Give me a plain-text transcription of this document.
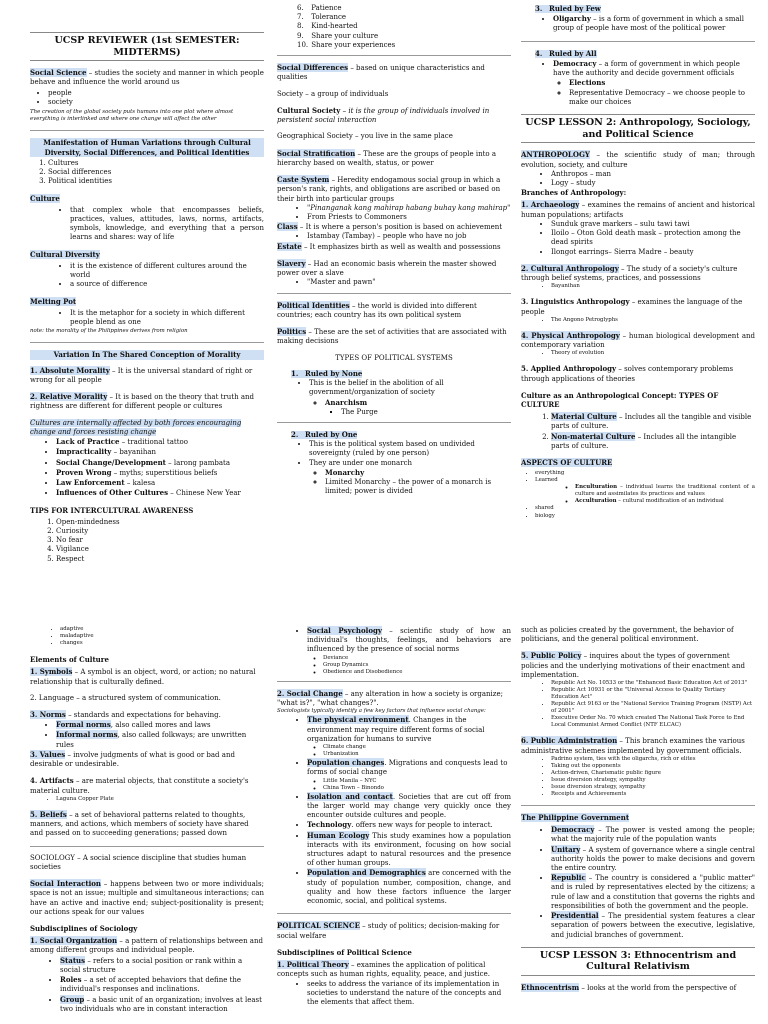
UCSP REVIEWER (1st SEMESTER: MIDTERMS)

Social Science – studies the society and manner in which people behave and influence the world around us

• people
• society

The creation of the global society puts humans into one plot where almost everything is interlinked and where one change will affect the other

Manifestation of Human Variations through Cultural Diversity, Social Differences, and Political Identities
1. Cultures
2. Social differences
3. Political identities
Culture
• that complex whole that encompasses beliefs, practices, values, attitudes, laws, norms, artifacts, symbols, knowledge, and everything that a person learns and shares: way of life
Cultural Diversity
• it is the existence of different cultures around the world
• a source of difference
Melting Pot
• It is the metaphor for a society in which different people blend as one

note: the morality of the Philippines derives from religion

Variation In The Shared Conception of Morality

1. Absolute Morality – It is the universal standard of right or wrong for all people

2. Relative Morality – It is based on the theory that truth and rightness are different for different people or cultures

Cultures are internally affected by both forces encouraging change and forces resisting change

• Lack of Practice – traditional tattoo
• Impracticality – bayanihan
• Social Change/Development – larong pambata
• Proven Wrong – myths; superstitious beliefs
• Law Enforcement – kalesa
• Influences of Other Cultures – Chinese New Year
TIPS FOR INTERCULTURAL AWARENESS
1. Open-mindedness
2. Curiosity
3. No fear
4. Vigilance
5. Respect
6. Patience
7. Tolerance
8. Kind-hearted
9. Share your culture
10. Share your experiences

Social Differences – based on unique characteristics and qualities

Society – a group of individuals

Cultural Society – it is the group of individuals involved in persistent social interaction

Geographical Society – you live in the same place

Social Stratification – These are the groups of people into a hierarchy based on wealth, status, or power

Caste System – Heredity endogamous social group in which a person's rank, rights, and obligations are ascribed or based on their birth into particular groups

• "Pinanganak kang mahirap habang buhay kang mahirap"
• From Priests to Commoners
Class – It is where a person's position is based on achievement
• Istambay (Tambay) – people who have no job

Estate – It emphasizes birth as well as wealth and possessions

Slavery – Had an economic basis wherein the master showed power over a slave

• "Master and pawn"

Political Identities – the world is divided into different countries; each country has its own political system

Politics – These are the set of activities that are associated with making decisions

TYPES OF POLITICAL SYSTEMS
1. Ruled by None
• This is the belief in the abolition of all government/organization of society
◦ Anarchism
▪ The Purge
2. Ruled by One
• This is the political system based on undivided sovereignty (ruled by one person)
• They are under one monarch
◦ Monarchy
◦ Limited Monarchy – the power of a monarch is limited; power is divided
3. Ruled by Few
• Oligarchy – is a form of government in which a small group of people have most of the political power
4. Ruled by All
• Democracy – a form of government in which people have the authority and decide government officials
◦ Elections
◦ Representative Democracy – we choose people to make our choices
UCSP LESSON 2: Anthropology, Sociology, and Political Science

ANTHROPOLOGY – the scientific study of man; through evolution, society, and culture

• Anthropos – man
• Logy – study
Branches of Anthropology:

1. Archaeology – examines the remains of ancient and historical human populations; artifacts

• Sunduk grave markers – sulu tawi tawi
• Iloilo – Oton Gold death mask – protection among the dead spirits
• Ilongot earrings– Sierra Madre – beauty

2. Cultural Anthropology – The study of a society's culture through belief systems, practices, and possessions

• Bayanihan

3. Linguistics Anthropology – examines the language of the people

• The Angono Petroglyphs

4. Physical Anthropology – human biological development and contemporary variation

• Theory of evolution

5. Applied Anthropology – solves contemporary problems through applications of theories

Culture as an Anthropological Concept: TYPES OF CULTURE
1. Material Culture – Includes all the tangible and visible parts of culture.
2. Non-material Culture – Includes all the intangible parts of culture.
ASPECTS OF CULTURE
• everything
• Learned
◦ Enculturation – individual learns the traditional content of a culture and assimilates its practices and values
◦ Acculturation – cultural modification of an individual
• shared
• biology
• adaptive
• maladaptive
• changes
Elements of Culture

1. Symbols – A symbol is an object, word, or action; no natural relationship that is culturally defined.

2. Language – a structured system of communication.

3. Norms – standards and expectations for behaving.

• Formal norms, also called mores and laws
• Informal norms, also called folkways; are unwritten rules

3. Values – involve judgments of what is good or bad and desirable or undesirable.

4. Artifacts – are material objects, that constitute a society's material culture.

• Laguna Copper Plate

5. Beliefs – a set of behavioral patterns related to thoughts, manners, and actions, which members of society have shared and passed on to succeeding generations; passed down

SOCIOLOGY – A social science discipline that studies human societies

Social Interaction – happens between two or more individuals; space is not an issue; multiple and simultaneous interactions; can have an active and inactive end; subject-positionality is present; our actions speak for our values

Subdisciplines of Sociology

1. Social Organization – a pattern of relationships between and among different groups and individual people.

• Status – refers to a social position or rank within a social structure
• Roles – a set of accepted behaviors that define the individual's responses and inclinations.
• Group – a basic unit of an organization; involves at least two individuals who are in constant interaction
• Social Psychology – scientific study of how an individual's thoughts, feelings, and behaviors are influenced by the presence of social norms
◦ Deviance
◦ Group Dynamics
◦ Obedience and Disobedience

2. Social Change – any alteration in how a society is organize; "what is?", "what changes?".

Sociologists typically identify a few key factors that influence social change:
• The physical environment. Changes in the environment may require different forms of social organization for humans to survive
◦ Climate change
◦ Urbanization
• Population changes. Migrations and conquests lead to forms of social change
◦ Little Manila – NYC
◦ China Town – Binondo
• Isolation and contact. Societies that are cut off from the larger world may change very quickly once they encounter outside cultures and people.
• Technology. offers new ways for people to interact.
• Human Ecology This study examines how a population interacts with its environment, focusing on how social structures adapt to natural resources and the presence of other human groups.
• Population and Demographics are concerned with the study of population number, composition, change, and quality and how these factors influence the larger economic, social, and political systems.

POLITICAL SCIENCE – study of politics; decision-making for social welfare

Subdisciplines of Political Science

1. Political Theory – examines the application of political concepts such as human rights, equality, peace, and justice.

• seeks to address the variance of its implementation in societies to understand the nature of the concepts and the elements that affect them.

such as policies created by the government, the behavior of politicians, and the general political environment.

5. Public Policy – inquires about the types of government policies and the underlying motivations of their enactment and implementation.

• Republic Act No. 10533 or the "Enhanced Basic Education Act of 2013"
• Republic Act 10931 or the "Universal Access to Quality Tertiary Education Act"
• Republic Act 9163 or the "National Service Training Program (NSTP) Act of 2001"
• Executive Order No. 70 which created The National Task Force to End Local Communist Armed Conflict (NTF ELCAC)

6. Public Administration – This branch examines the various administrative schemes implemented by government officials.

• Padrino system, ties with the oligarchs, rich or elites
• Taking out the opponents
• Action-driven, Charismatic public figure
• Issue diversion strategy, sympathy
• Issue diversion strategy, sympathy
• Receipts and Achievements
The Philippine Government
• Democracy – The power is vested among the people; what the majority rule of the population wants
• Unitary – A system of governance where a single central authority holds the power to make decisions and govern the entire country.
• Republic – The country is considered a "public matter" and is ruled by representatives elected by the citizens; a rule of law and a constitution that governs the rights and responsibilities of both the government and the people.
• Presidential – The presidential system features a clear separation of powers between the executive, legislative, and judicial branches of government.
UCSP LESSON 3: Ethnocentrism and Cultural Relativism

Ethnocentrism – looks at the world from the perspective of
